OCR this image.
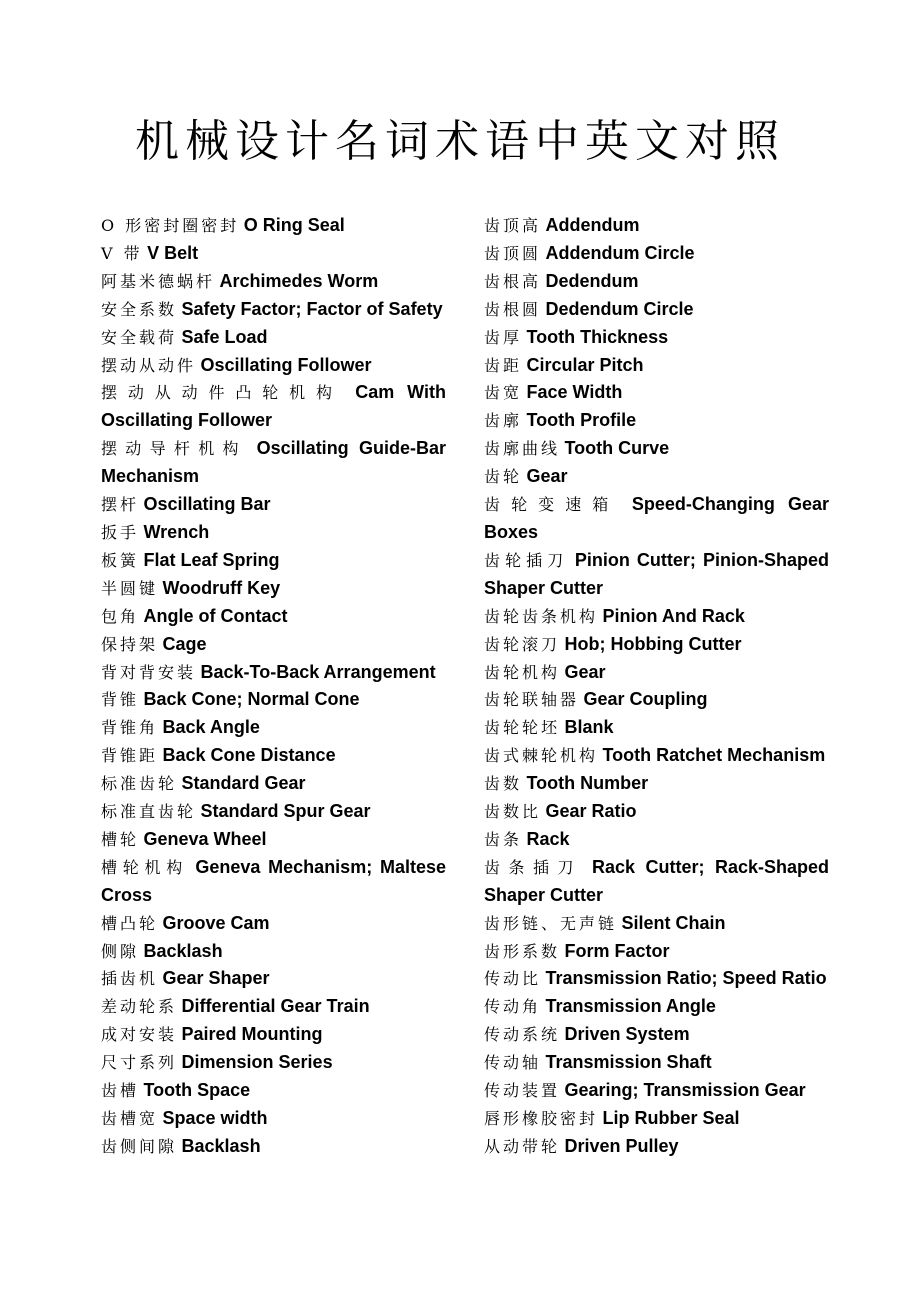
机械设计名词术语中英文对照

O 形密封圈密封 O Ring Seal

V 带 V Belt

阿基米德蜗杆 Archimedes Worm

安全系数 Safety Factor; Factor of Safety

安全载荷 Safe Load

摆动从动件 Oscillating Follower

摆动从动件凸轮机构 Cam With Oscillating Follower

摆动导杆机构 Oscillating Guide-Bar Mechanism

摆杆 Oscillating Bar

扳手 Wrench

板簧 Flat Leaf Spring

半圆键 Woodruff Key

包角 Angle of Contact

保持架 Cage

背对背安装 Back-To-Back Arrangement

背锥 Back Cone; Normal Cone

背锥角 Back Angle

背锥距 Back Cone Distance

标准齿轮 Standard Gear

标准直齿轮 Standard Spur Gear

槽轮 Geneva Wheel

槽轮机构 Geneva Mechanism; Maltese Cross

槽凸轮 Groove Cam

侧隙 Backlash

插齿机 Gear Shaper

差动轮系 Differential Gear Train

成对安装 Paired Mounting

尺寸系列 Dimension Series

齿槽 Tooth Space

齿槽宽 Space width

齿侧间隙 Backlash

齿顶高 Addendum

齿顶圆 Addendum Circle

齿根高 Dedendum

齿根圆 Dedendum Circle

齿厚 Tooth Thickness

齿距 Circular Pitch

齿宽 Face Width

齿廓 Tooth Profile

齿廓曲线 Tooth Curve

齿轮 Gear

齿轮变速箱 Speed-Changing Gear Boxes

齿轮插刀 Pinion Cutter; Pinion-Shaped Shaper Cutter

齿轮齿条机构 Pinion And Rack

齿轮滚刀 Hob; Hobbing Cutter

齿轮机构 Gear

齿轮联轴器 Gear Coupling

齿轮轮坯 Blank

齿式棘轮机构 Tooth Ratchet Mechanism

齿数 Tooth Number

齿数比 Gear Ratio

齿条 Rack

齿条插刀 Rack Cutter; Rack-Shaped Shaper Cutter

齿形链、无声链 Silent Chain

齿形系数 Form Factor

传动比 Transmission Ratio; Speed Ratio

传动角 Transmission Angle

传动系统 Driven System

传动轴 Transmission Shaft

传动装置 Gearing; Transmission Gear

唇形橡胶密封 Lip Rubber Seal

从动带轮 Driven Pulley
